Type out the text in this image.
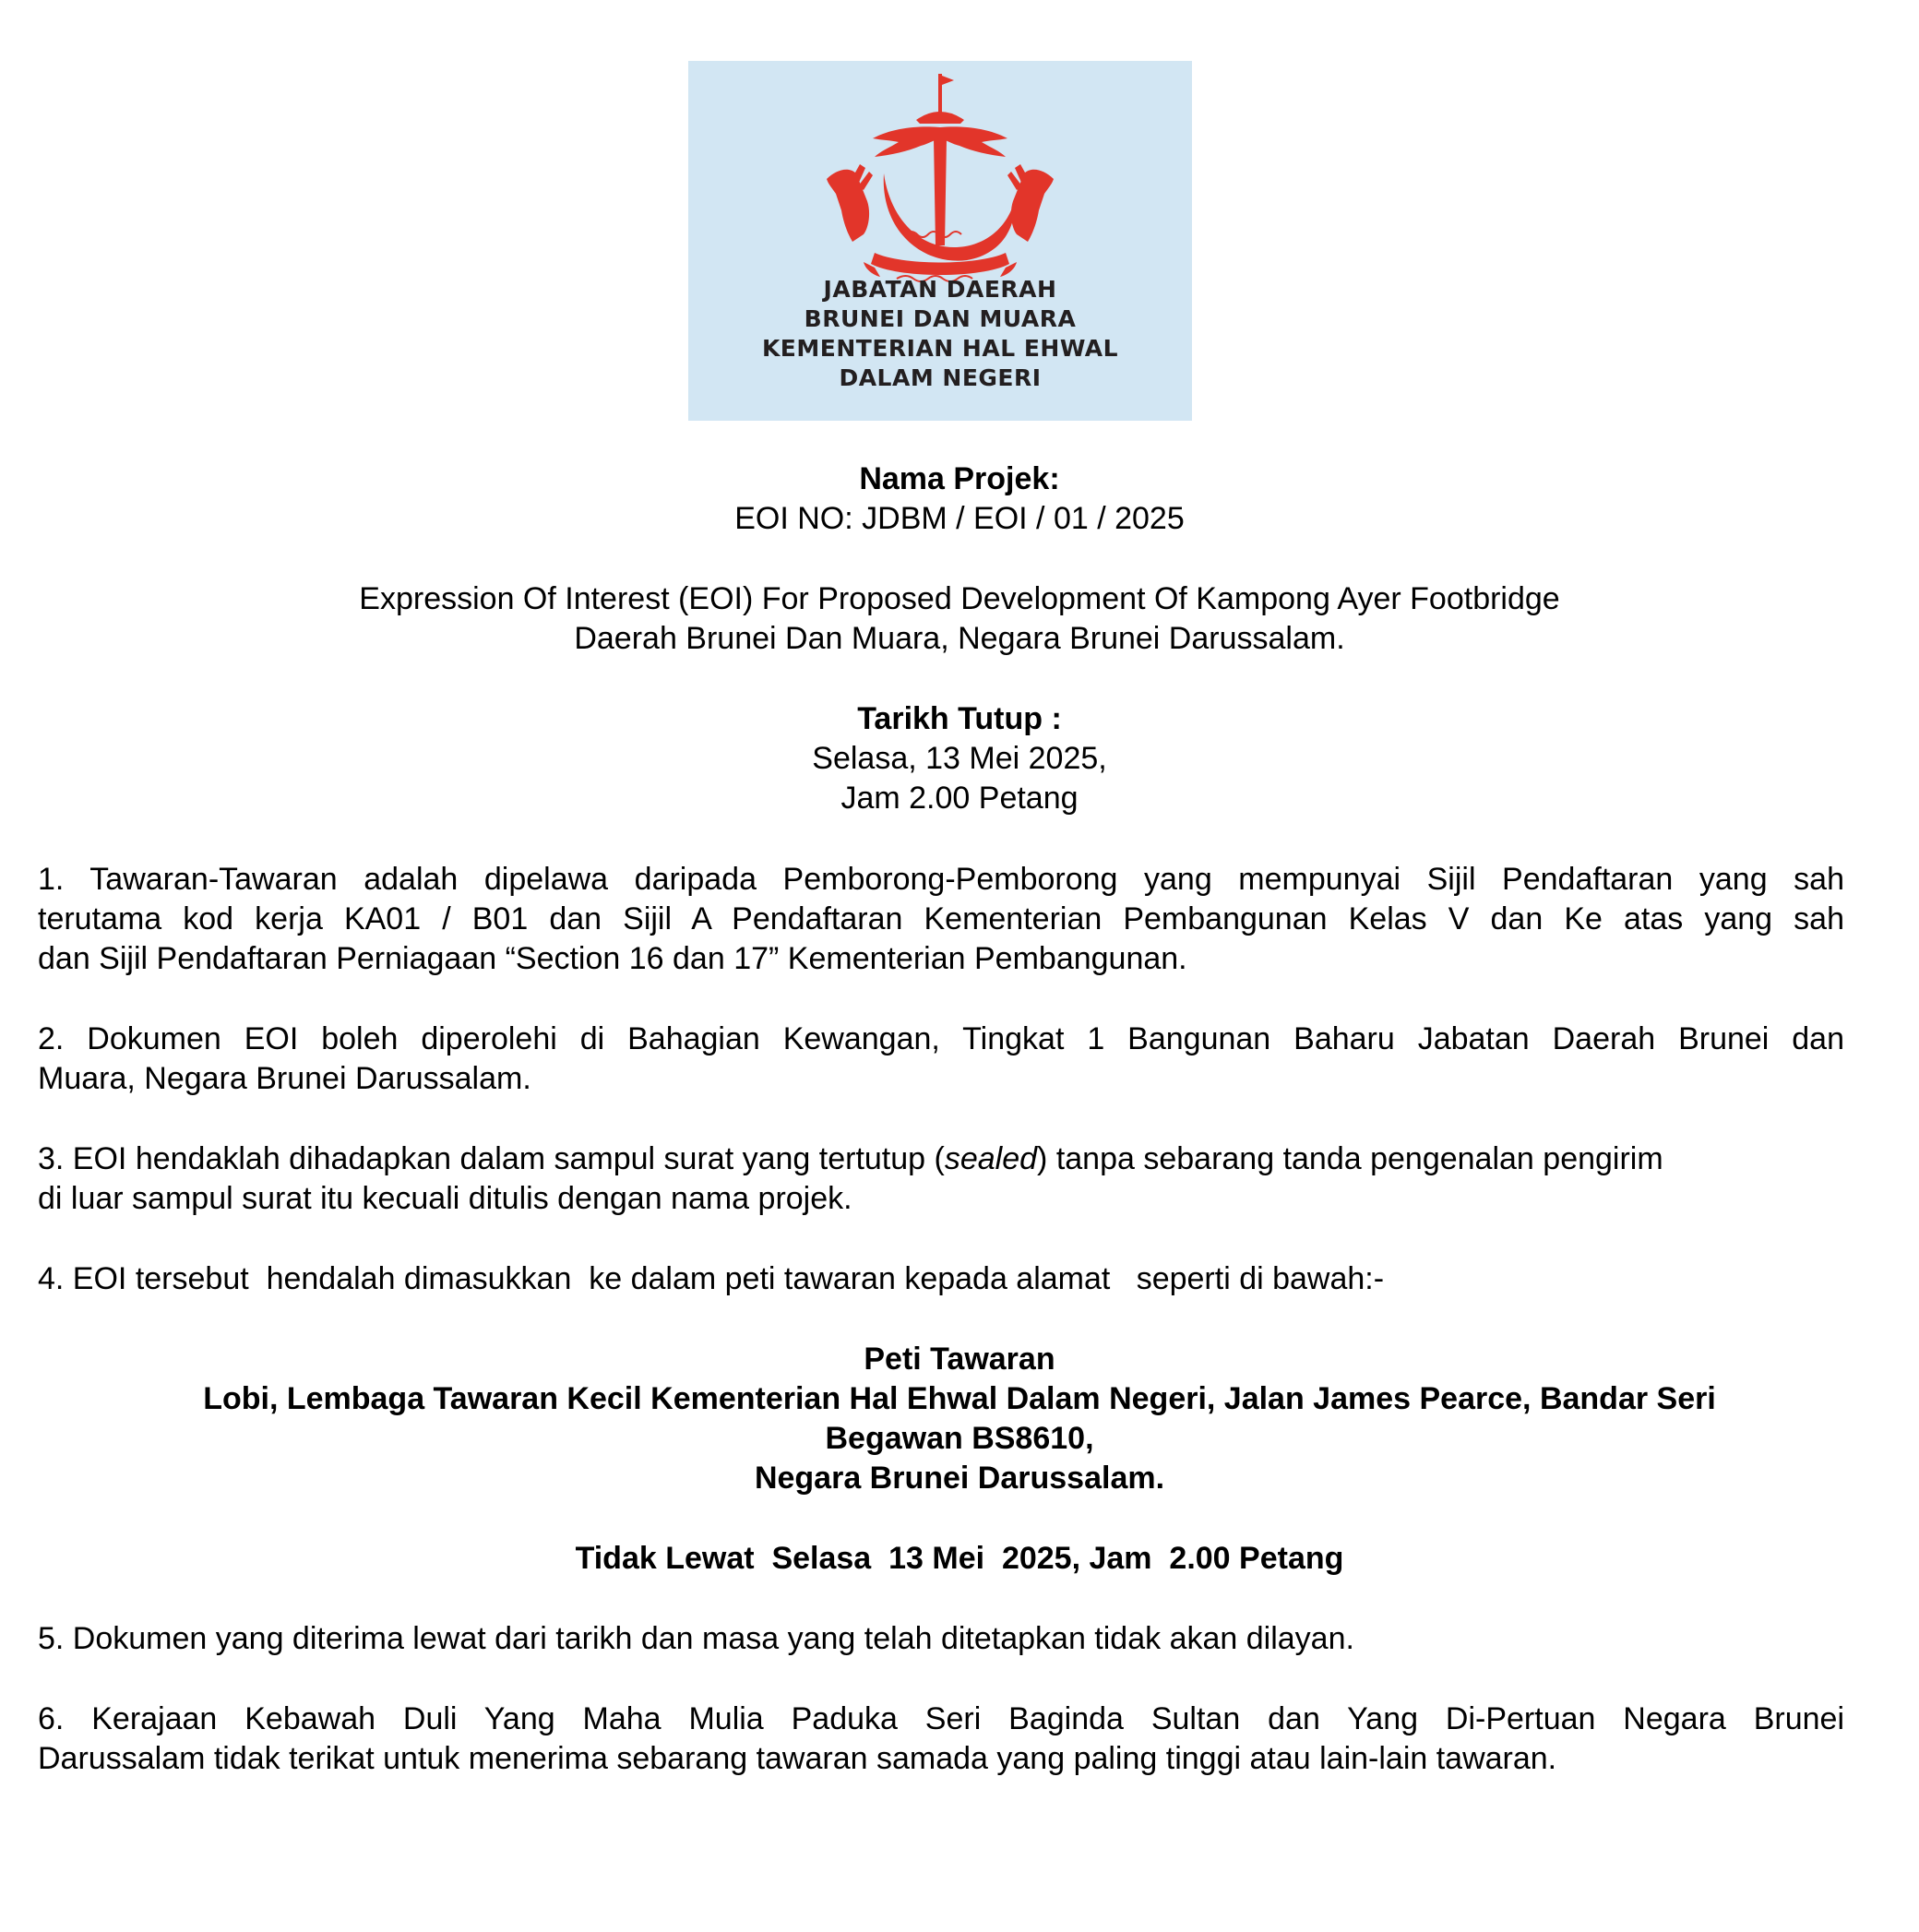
JABATAN DAERAH
BRUNEI DAN MUARA
KEMENTERIAN HAL EHWAL
DALAM NEGERI
Nama Projek:
EOI NO: JDBM / EOI / 01 / 2025
Expression Of Interest (EOI) For Proposed Development Of Kampong Ayer Footbridge
Daerah Brunei Dan Muara, Negara Brunei Darussalam.
Tarikh Tutup :
Selasa, 13 Mei 2025,
Jam 2.00 Petang
1. Tawaran-Tawaran adalah dipelawa daripada Pemborong-Pemborong yang mempunyai Sijil Pendaftaran yang sah
terutama kod kerja KA01 / B01 dan Sijil A Pendaftaran Kementerian Pembangunan Kelas V dan Ke atas yang sah
dan Sijil Pendaftaran Perniagaan “Section 16 dan 17” Kementerian Pembangunan.
2. Dokumen EOI boleh diperolehi di Bahagian Kewangan, Tingkat 1 Bangunan Baharu Jabatan Daerah Brunei dan
Muara, Negara Brunei Darussalam.
3. EOI hendaklah dihadapkan dalam sampul surat yang tertutup (sealed) tanpa sebarang tanda pengenalan pengirim
di luar sampul surat itu kecuali ditulis dengan nama projek.
4. EOI tersebut  hendalah dimasukkan  ke dalam peti tawaran kepada alamat   seperti di bawah:-
Peti Tawaran
Lobi, Lembaga Tawaran Kecil Kementerian Hal Ehwal Dalam Negeri, Jalan James Pearce, Bandar Seri
Begawan BS8610,
Negara Brunei Darussalam.
Tidak Lewat  Selasa  13 Mei  2025, Jam  2.00 Petang
5. Dokumen yang diterima lewat dari tarikh dan masa yang telah ditetapkan tidak akan dilayan.
6. Kerajaan Kebawah Duli Yang Maha Mulia Paduka Seri Baginda Sultan dan Yang Di-Pertuan Negara Brunei
Darussalam tidak terikat untuk menerima sebarang tawaran samada yang paling tinggi atau lain-lain tawaran.
